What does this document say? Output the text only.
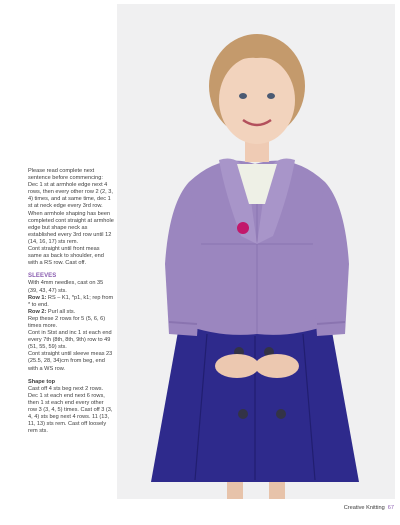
Please read complete next sentence before commencing: Dec 1 st at armhole edge next 4 rows, then every other row 2 (2, 3, 4) times, and at same time, dec 1 st at neck edge every 3rd row.

When armhole shaping has been completed cont straight at armhole edge but shape neck as established every 3rd row until 12 (14, 16, 17) sts rem.

Cont straight until front meas same as back to shoulder, end with a RS row. Cast off.

SLEEVES

With 4mm needles, cast on 35 (39, 43, 47) sts.

Row 1: RS – K1, *p1, k1; rep from * to end.

Row 2: Purl all sts.

Rep these 2 rows for 5 (5, 6, 6) times more.

Cont in Stst and inc 1 st each end every 7th (8th, 8th, 9th) row to 49 (51, 55, 59) sts.

Cont straight until sleeve meas 23 (25.5, 28, 34)cm from beg, end with a WS row.

Shape top

Cast off 4 sts beg next 2 rows. Dec 1 st each end next 6 rows, then 1 st each end every other row 3 (3, 4, 5) times. Cast off 3 (3, 4, 4) sts beg next 4 rows. 11 (13, 11, 13) sts rem. Cast off loosely rem sts.

Creative Knitting 67
